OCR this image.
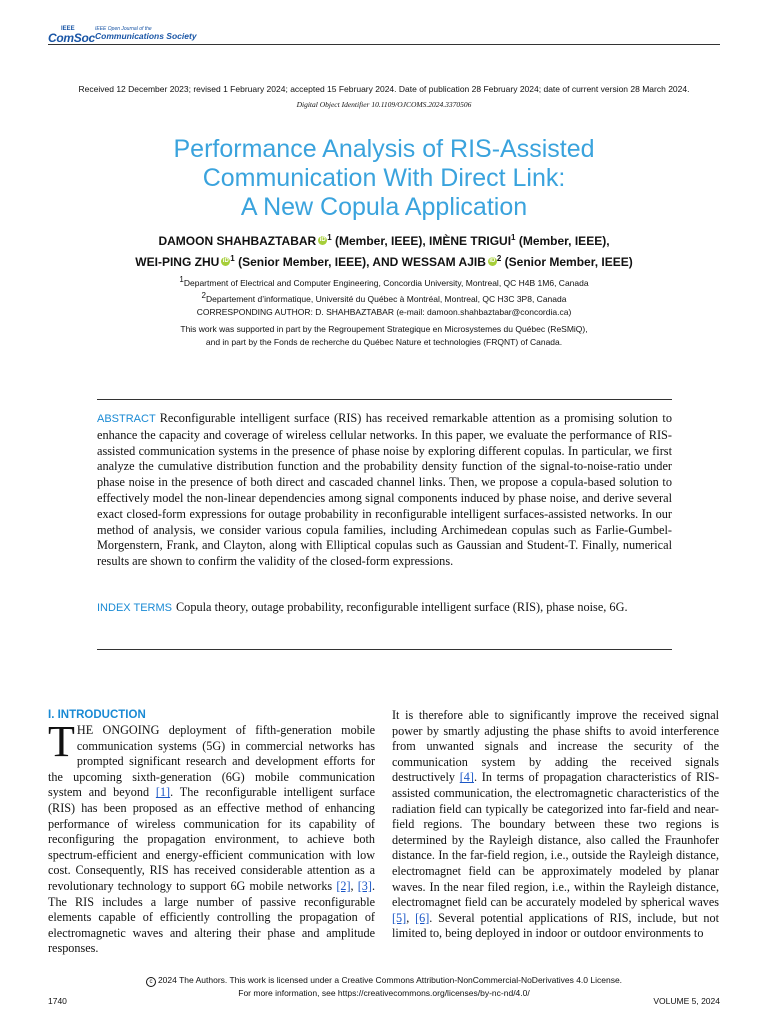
IEEE
ComSoc
IEEE Open Journal of the
Communications Society
Received 12 December 2023; revised 1 February 2024; accepted 15 February 2024. Date of publication 28 February 2024; date of current version 28 March 2024.
Digital Object Identifier 10.1109/OJCOMS.2024.3370506
Performance Analysis of RIS-Assisted
Communication With Direct Link:
A New Copula Application
DAMOON SHAHBAZTABAR iD $^1$ (Member, IEEE), IMÈNE TRIGUI$^1$ (Member, IEEE),
WEI-PING ZHU iD $^1$ (Senior Member, IEEE), AND WESSAM AJIB iD $^2$ (Senior Member, IEEE)
$^1$Department of Electrical and Computer Engineering, Concordia University, Montreal, QC H4B 1M6, Canada
$^2$Departement d’informatique, Université du Québec à Montréal, Montreal, QC H3C 3P8, Canada
CORRESPONDING AUTHOR: D. SHAHBAZTABAR (e-mail: damoon.shahbaztabar@concordia.ca)
This work was supported in part by the Regroupement Strategique en Microsystemes du Québec (ReSMiQ),
and in part by the Fonds de recherche du Québec Nature et technologies (FRQNT) of Canada.
ABSTRACT Reconfigurable intelligent surface (RIS) has received remarkable attention as a promising solution to enhance the capacity and coverage of wireless cellular networks. In this paper, we evaluate the performance of RIS-assisted communication systems in the presence of phase noise by exploring different copulas. In particular, we first analyze the cumulative distribution function and the probability density function of the signal-to-noise-ratio under phase noise in the presence of both direct and cascaded channel links. Then, we propose a copula-based solution to effectively model the non-linear dependencies among signal components induced by phase noise, and derive several exact closed-form expressions for outage probability in reconfigurable intelligent surfaces-assisted networks. In our method of analysis, we consider various copula families, including Archimedean copulas such as Farlie-Gumbel-Morgenstern, Frank, and Clayton, along with Elliptical copulas such as Gaussian and Student-T. Finally, numerical results are shown to confirm the validity of the closed-form expressions.
INDEX TERMS Copula theory, outage probability, reconfigurable intelligent surface (RIS), phase noise, 6G.
I. INTRODUCTION
THE ONGOING deployment of fifth-generation mobile communication systems (5G) in commercial networks has prompted significant research and development efforts for the upcoming sixth-generation (6G) mobile communication system and beyond [1]. The reconfigurable intelligent surface (RIS) has been proposed as an effective method of enhancing performance of wireless communication for its capability of reconfiguring the propagation environment, to achieve both spectrum-efficient and energy-efficient communication with low cost. Consequently, RIS has received considerable attention as a revolutionary technology to support 6G mobile networks [2], [3]. The RIS includes a large number of passive reconfigurable elements capable of efficiently controlling the propagation of electromagnetic waves and altering their phase and amplitude responses.
It is therefore able to significantly improve the received signal power by smartly adjusting the phase shifts to avoid interference from unwanted signals and increase the security of the communication system by adding the received signals destructively [4]. In terms of propagation characteristics of RIS-assisted communication, the electromagnetic characteristics of the radiation field can typically be categorized into far-field and near-field regions. The boundary between these two regions is determined by the Rayleigh distance, also called the Fraunhofer distance. In the far-field region, i.e., outside the Rayleigh distance, electromagnet field can be approximately modeled by planar waves. In the near filed region, i.e., within the Rayleigh distance, electromagnet field can be accurately modeled by spherical waves [5], [6]. Several potential applications of RIS, include, but not limited to, being deployed in indoor or outdoor environments to
c 2024 The Authors. This work is licensed under a Creative Commons Attribution-NonCommercial-NoDerivatives 4.0 License.
For more information, see https://creativecommons.org/licenses/by-nc-nd/4.0/
1740	VOLUME 5, 2024
